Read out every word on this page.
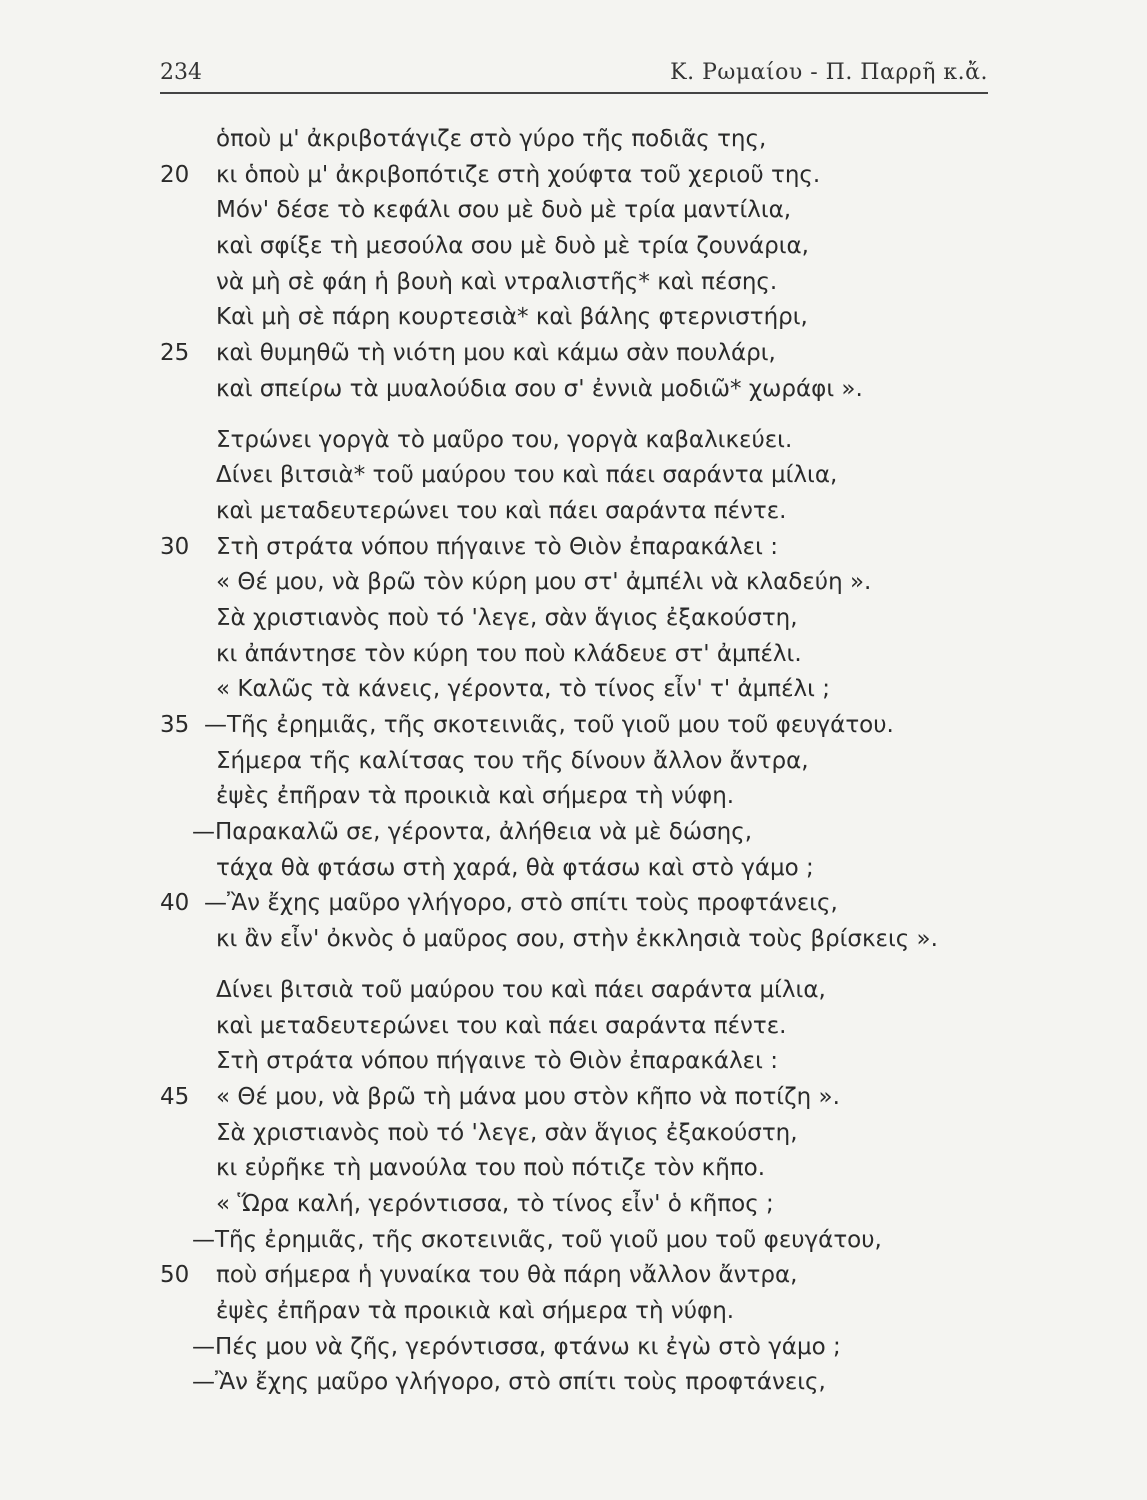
234	Κ. Ρωμαίου - Π. Παρρῆ κ.ἄ.
ὁποὺ μ' ἀκριβοτάγιζε στὸ γύρο τῆς ποδιᾶς της,
20	κι ὁποὺ μ' ἀκριβοπότιζε στὴ χούφτα τοῦ χεριοῦ της.
Μόν' δέσε τὸ κεφάλι σου μὲ δυὸ μὲ τρία μαντίλια,
καὶ σφίξε τὴ μεσούλα σου μὲ δυὸ μὲ τρία ζουνάρια,
νὰ μὴ σὲ φάη ἡ βουὴ καὶ ντραλιστῆς* καὶ πέσης.
Καὶ μὴ σὲ πάρη κουρτεσιὰ* καὶ βάλης φτερνιστήρι,
25	καὶ θυμηθῶ τὴ νιότη μου καὶ κάμω σὰν πουλάρι,
καὶ σπείρω τὰ μυαλούδια σου σ' ἐννιὰ μοδιῶ* χωράφι ».
Στρώνει γοργὰ τὸ μαῦρο του, γοργὰ καβαλικεύει.
Δίνει βιτσιὰ* τοῦ μαύρου του καὶ πάει σαράντα μίλια,
καὶ μεταδευτερώνει του καὶ πάει σαράντα πέντε.
30	Στὴ στράτα νόπου πήγαινε τὸ Θιὸν ἐπαρακάλει :
« Θέ μου, νὰ βρῶ τὸν κύρη μου στ' ἀμπέλι νὰ κλαδεύη ».
Σὰ χριστιανὸς ποὺ τό 'λεγε, σὰν ἅγιος ἐξακούστη,
κι ἀπάντησε τὸν κύρη του ποὺ κλάδευε στ' ἀμπέλι.
« Καλῶς τὰ κάνεις, γέροντα, τὸ τίνος εἶν' τ' ἀμπέλι ;
35 —Τῆς ἐρημιᾶς, τῆς σκοτεινιᾶς, τοῦ γιοῦ μου τοῦ φευγάτου.
Σήμερα τῆς καλίτσας του τῆς δίνουν ἄλλον ἄντρα,
ἐψὲς ἐπῆραν τὰ προικιὰ καὶ σήμερα τὴ νύφη.
—Παρακαλῶ σε, γέροντα, ἀλήθεια νὰ μὲ δώσης,
τάχα θὰ φτάσω στὴ χαρά, θὰ φτάσω καὶ στὸ γάμο ;
40 —Ἂν ἔχης μαῦρο γλήγορο, στὸ σπίτι τοὺς προφτάνεις,
κι ἂν εἶν' ὀκνὸς ὁ μαῦρος σου, στὴν ἐκκλησιὰ τοὺς βρίσκεις ».
Δίνει βιτσιὰ τοῦ μαύρου του καὶ πάει σαράντα μίλια,
καὶ μεταδευτερώνει του καὶ πάει σαράντα πέντε.
Στὴ στράτα νόπου πήγαινε τὸ Θιὸν ἐπαρακάλει :
45	« Θέ μου, νὰ βρῶ τὴ μάνα μου στὸν κῆπο νὰ ποτίζη ».
Σὰ χριστιανὸς ποὺ τό 'λεγε, σὰν ἅγιος ἐξακούστη,
κι εὐρῆκε τὴ μανούλα του ποὺ πότιζε τὸν κῆπο.
« Ὥρα καλή, γερόντισσα, τὸ τίνος εἶν' ὁ κῆπος ;
—Τῆς ἐρημιᾶς, τῆς σκοτεινιᾶς, τοῦ γιοῦ μου τοῦ φευγάτου,
50	ποὺ σήμερα ἡ γυναίκα του θὰ πάρη νἄλλον ἄντρα,
ἐψὲς ἐπῆραν τὰ προικιὰ καὶ σήμερα τὴ νύφη.
—Πές μου νὰ ζῆς, γερόντισσα, φτάνω κι ἐγὼ στὸ γάμο ;
—Ἂν ἔχης μαῦρο γλήγορο, στὸ σπίτι τοὺς προφτάνεις,
